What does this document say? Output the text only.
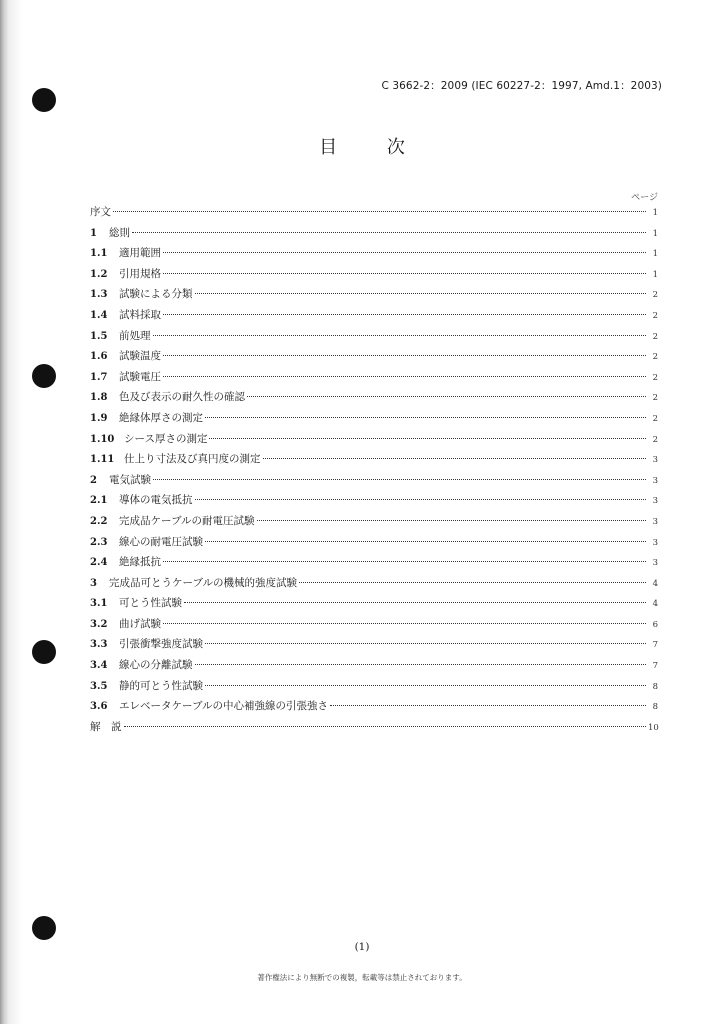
C 3662-2：2009 (IEC 60227-2：1997, Amd.1：2003)
目 次
ページ
序文	1
1	総則	1
1.1	適用範囲	1
1.2	引用規格	1
1.3	試験による分類	2
1.4	試料採取	2
1.5	前処理	2
1.6	試験温度	2
1.7	試験電圧	2
1.8	色及び表示の耐久性の確認	2
1.9	絶縁体厚さの測定	2
1.10 シース厚さの測定	2
1.11 仕上り寸法及び真円度の測定	3
2	電気試験	3
2.1	導体の電気抵抗	3
2.2	完成品ケーブルの耐電圧試験	3
2.3	線心の耐電圧試験	3
2.4	絶縁抵抗	3
3	完成品可とうケーブルの機械的強度試験	4
3.1	可とう性試験	4
3.2	曲げ試験	6
3.3	引張衝撃強度試験	7
3.4	線心の分離試験	7
3.5	静的可とう性試験	8
3.6	エレベータケーブルの中心補強線の引張強さ	8
解　説	10
(1)
著作権法により無断での複製，転載等は禁止されております。
